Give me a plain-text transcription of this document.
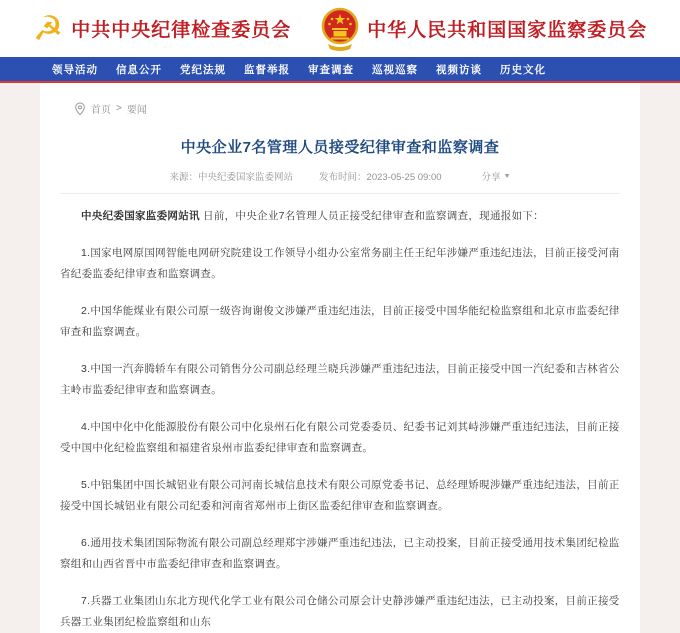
☭ 中共中央纪律检查委员会	中华人民共和国国家监察委员会
领导活动 信息公开 党纪法规 监督举报 审查调查 巡视巡察 视频访谈 历史文化
首页 > 要闻
中央企业7名管理人员接受纪律审查和监察调查
来源：中央纪委国家监委网站	发布时间：2023-05-25 09:00	分享 ▼

中央纪委国家监委网站讯 日前，中央企业7名管理人员正接受纪律审查和监察调查，现通报如下：

1.国家电网原国网智能电网研究院建设工作领导小组办公室常务副主任王纪年涉嫌严重违纪违法，目前正接受河南省纪委监委纪律审查和监察调查。

2.中国华能煤业有限公司原一级咨询谢俊文涉嫌严重违纪违法，目前正接受中国华能纪检监察组和北京市监委纪律审查和监察调查。

3.中国一汽奔腾轿车有限公司销售分公司副总经理兰晓兵涉嫌严重违纪违法，目前正接受中国一汽纪委和吉林省公主岭市监委纪律审查和监察调查。

4.中国中化中化能源股份有限公司中化泉州石化有限公司党委委员、纪委书记刘其峙涉嫌严重违纪违法，目前正接受中国中化纪检监察组和福建省泉州市监委纪律审查和监察调查。

5.中铝集团中国长城铝业有限公司河南长城信息技术有限公司原党委书记、总经理矫晛涉嫌严重违纪违法，目前正接受中国长城铝业有限公司纪委和河南省郑州市上街区监委纪律审查和监察调查。

6.通用技术集团国际物流有限公司副总经理郑宇涉嫌严重违纪违法，已主动投案，目前正接受通用技术集团纪检监察组和山西省晋中市监委纪律审查和监察调查。

7.兵器工业集团山东北方现代化学工业有限公司仓储公司原会计史静涉嫌严重违纪违法，已主动投案，目前正接受兵器工业集团纪检监察组和山东
